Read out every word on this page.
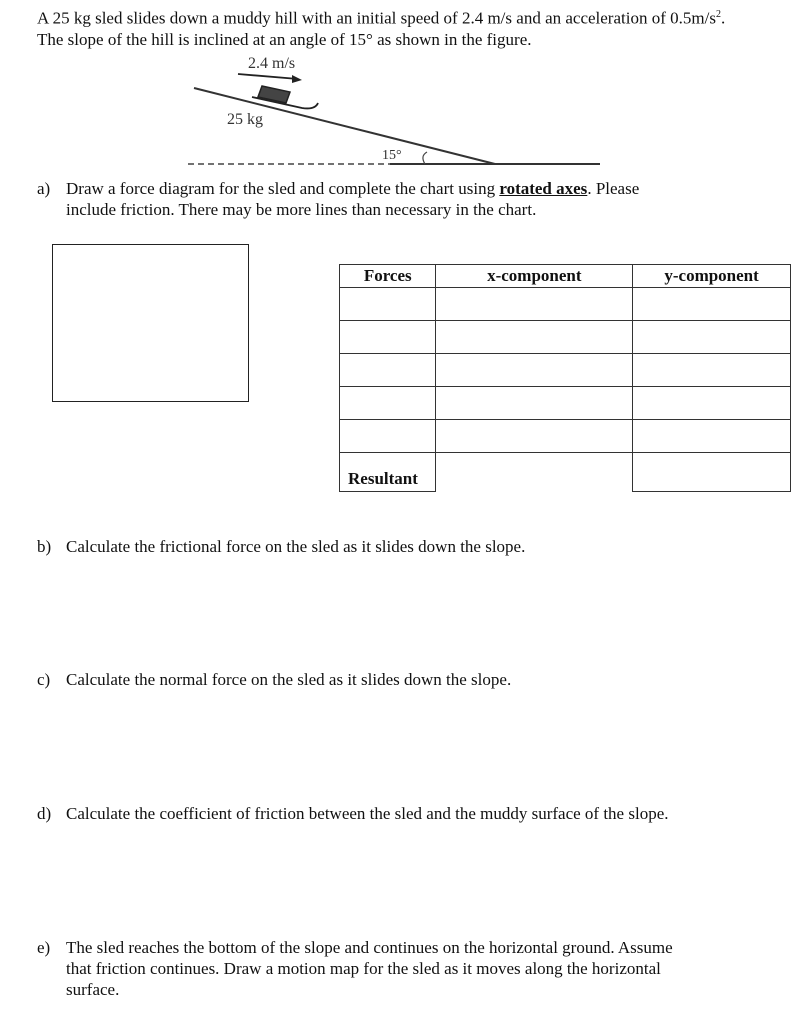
A 25 kg sled slides down a muddy hill with an initial speed of 2.4 m/s and an acceleration of $0.5m/s^2$.
The slope of the hill is inclined at an angle of 15° as shown in the figure.
2.4 m/s
25 kg
15°
a) Draw a force diagram for the sled and complete the chart using rotated axes. Please
include friction. There may be more lines than necessary in the chart.
Forces	x-component	y-component

Resultant		
b) Calculate the frictional force on the sled as it slides down the slope.
c) Calculate the normal force on the sled as it slides down the slope.
d) Calculate the coefficient of friction between the sled and the muddy surface of the slope.
e) The sled reaches the bottom of the slope and continues on the horizontal ground. Assume
that friction continues. Draw a motion map for the sled as it moves along the horizontal
surface.
